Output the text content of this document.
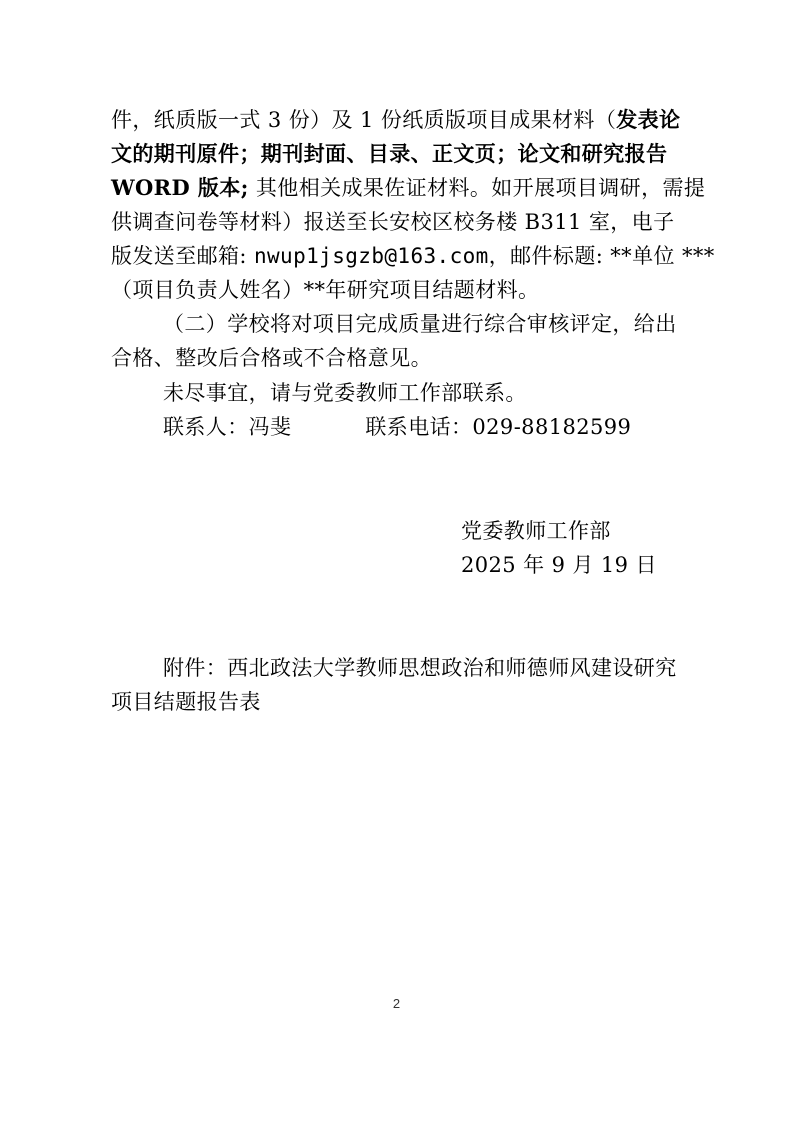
件，纸质版一式 3 份）及 1 份纸质版项目成果材料（发表论
文的期刊原件；期刊封面、目录、正文页；论文和研究报告
WORD 版本; 其他相关成果佐证材料。如开展项目调研，需提
供调查问卷等材料）报送至长安校区校务楼 B311 室，电子
版发送至邮箱: nwup1jsgzb@163.com，邮件标题: **单位 ***
（项目负责人姓名）**年研究项目结题材料。
（二）学校将对项目完成质量进行综合审核评定，给出
合格、整改后合格或不合格意见。
未尽事宜，请与党委教师工作部联系。
联系人：冯斐	联系电话：029-88182599
党委教师工作部
2025 年 9 月 19 日
附件：西北政法大学教师思想政治和师德师风建设研究
项目结题报告表
2
